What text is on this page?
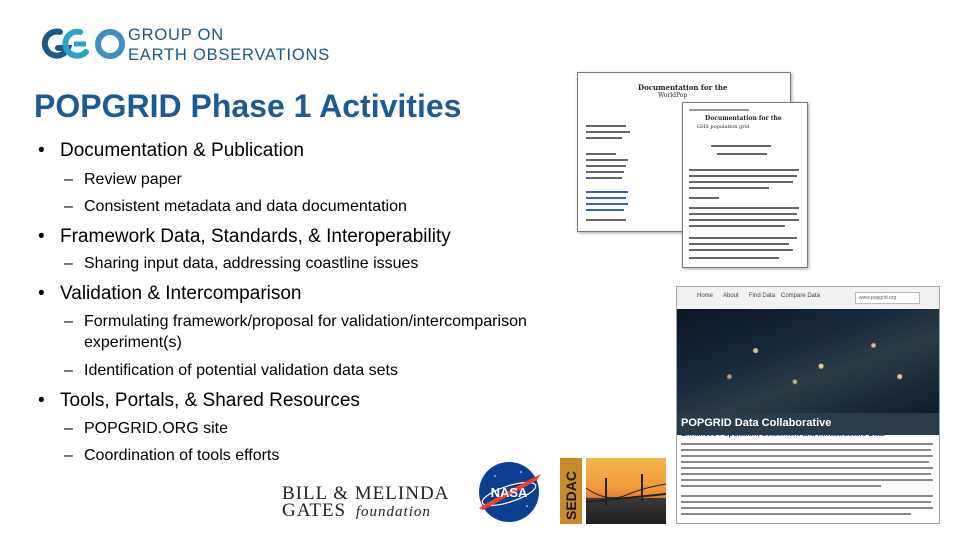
GROUP ON
EARTH OBSERVATIONS
POPGRID Phase 1 Activities
• Documentation & Publication
– Review paper
– Consistent metadata and data documentation
• Framework Data, Standards, & Interoperability
– Sharing input data, addressing coastline issues
• Validation & Intercomparison
– Formulating framework/proposal for validation/intercomparison
experiment(s)
– Identification of potential validation data sets
• Tools, Portals, & Shared Resources
– POPGRID.ORG site
– Coordination of tools efforts
Documentation for the
WorldPop
Documentation for the
GHS population grid
Home About Find Data Compare Data	www.popgrid.org
POPGRID Data Collaborative
Enhanced Population, Settlement and Infrastructure Data
BILL & MELINDA
GATES foundation
NASA	SEDAC
